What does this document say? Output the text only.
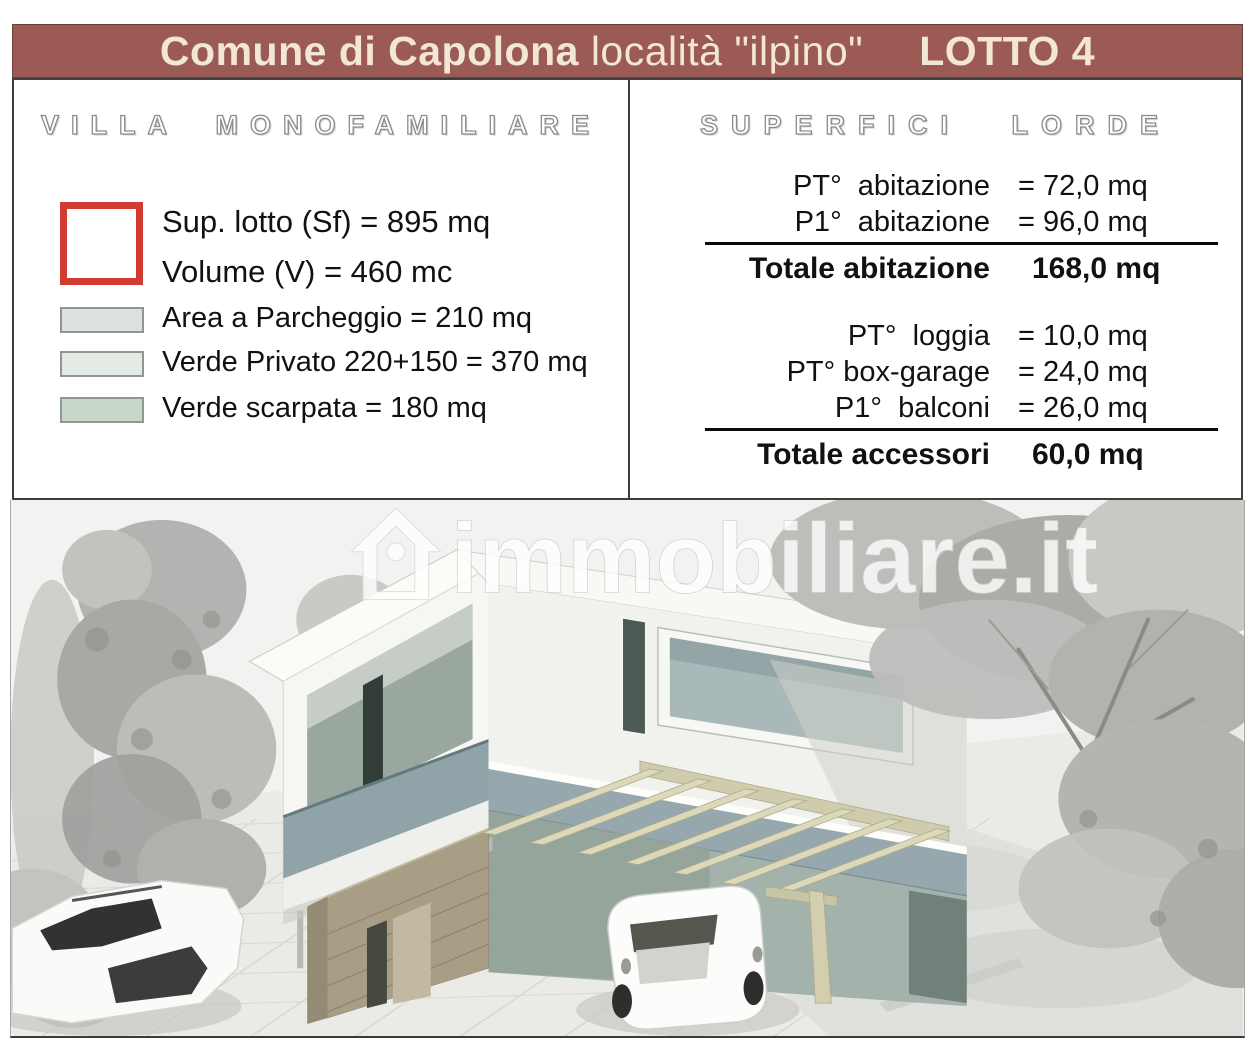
Comune di Capolona
località "ilpino" LOTTO 4
VILLA MONOFAMILIARE
Sup. lotto (Sf) = 895 mq
Volume (V) = 460 mc
Area a Parcheggio = 210 mq
Verde Privato 220+150 = 370 mq
Verde scarpata = 180 mq
SUPERFICI LORDE
PT°  abitazione = 72,0 mq
P1°  abitazione = 96,0 mq
Totale abitazione	168,0 mq
PT°  loggia = 10,0 mq
PT° box-garage = 24,0 mq
P1°  balconi = 26,0 mq
Totale accessori	60,0 mq
immobiliare.it
